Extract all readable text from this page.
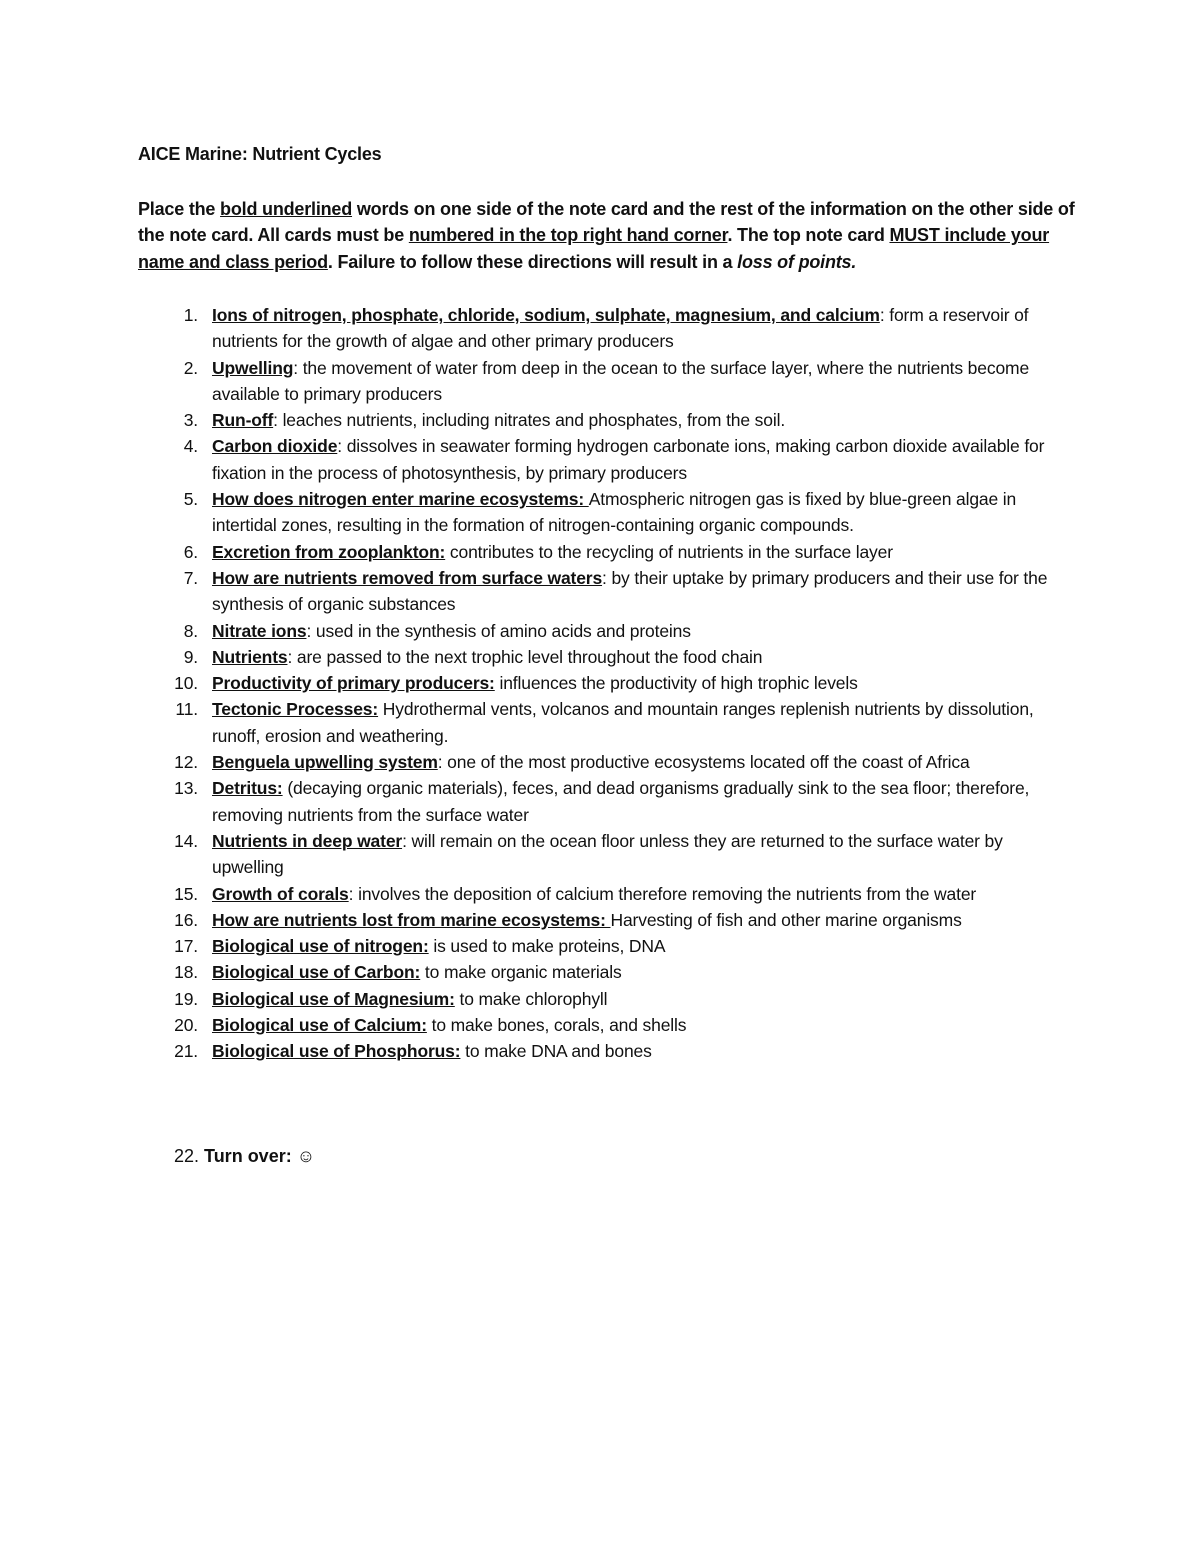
AICE Marine: Nutrient Cycles
Place the bold underlined words on one side of the note card and the rest of the information on the other side of the note card. All cards must be numbered in the top right hand corner. The top note card MUST include your name and class period. Failure to follow these directions will result in a loss of points.
1. Ions of nitrogen, phosphate, chloride, sodium, sulphate, magnesium, and calcium: form a reservoir of nutrients for the growth of algae and other primary producers
2. Upwelling: the movement of water from deep in the ocean to the surface layer, where the nutrients become available to primary producers
3. Run-off: leaches nutrients, including nitrates and phosphates, from the soil.
4. Carbon dioxide: dissolves in seawater forming hydrogen carbonate ions, making carbon dioxide available for fixation in the process of photosynthesis, by primary producers
5. How does nitrogen enter marine ecosystems: Atmospheric nitrogen gas is fixed by blue-green algae in intertidal zones, resulting in the formation of nitrogen-containing organic compounds.
6. Excretion from zooplankton: contributes to the recycling of nutrients in the surface layer
7. How are nutrients removed from surface waters: by their uptake by primary producers and their use for the synthesis of organic substances
8. Nitrate ions: used in the synthesis of amino acids and proteins
9. Nutrients: are passed to the next trophic level throughout the food chain
10. Productivity of primary producers: influences the productivity of high trophic levels
11. Tectonic Processes: Hydrothermal vents, volcanos and mountain ranges replenish nutrients by dissolution, runoff, erosion and weathering.
12. Benguela upwelling system: one of the most productive ecosystems located off the coast of Africa
13. Detritus: (decaying organic materials), feces, and dead organisms gradually sink to the sea floor; therefore, removing nutrients from the surface water
14. Nutrients in deep water: will remain on the ocean floor unless they are returned to the surface water by upwelling
15. Growth of corals: involves the deposition of calcium therefore removing the nutrients from the water
16. How are nutrients lost from marine ecosystems: Harvesting of fish and other marine organisms
17. Biological use of nitrogen: is used to make proteins, DNA
18. Biological use of Carbon: to make organic materials
19. Biological use of Magnesium: to make chlorophyll
20. Biological use of Calcium: to make bones, corals, and shells
21. Biological use of Phosphorus: to make DNA and bones
22. Turn over: ☺
